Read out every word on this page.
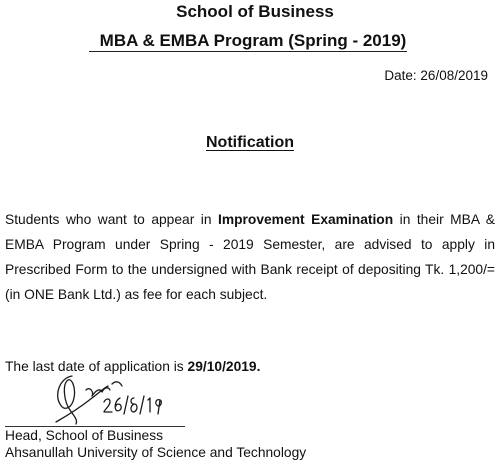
School of Business
MBA & EMBA Program (Spring - 2019)
Date: 26/08/2019
Notification

Students who want to appear in Improvement Examination in their MBA & EMBA Program under Spring - 2019 Semester, are advised to apply in Prescribed Form to the undersigned with Bank receipt of depositing Tk. 1,200/= (in ONE Bank Ltd.) as fee for each subject.

The last date of application is 29/10/2019.

Head, School of Business

Ahsanullah University of Science and Technology
